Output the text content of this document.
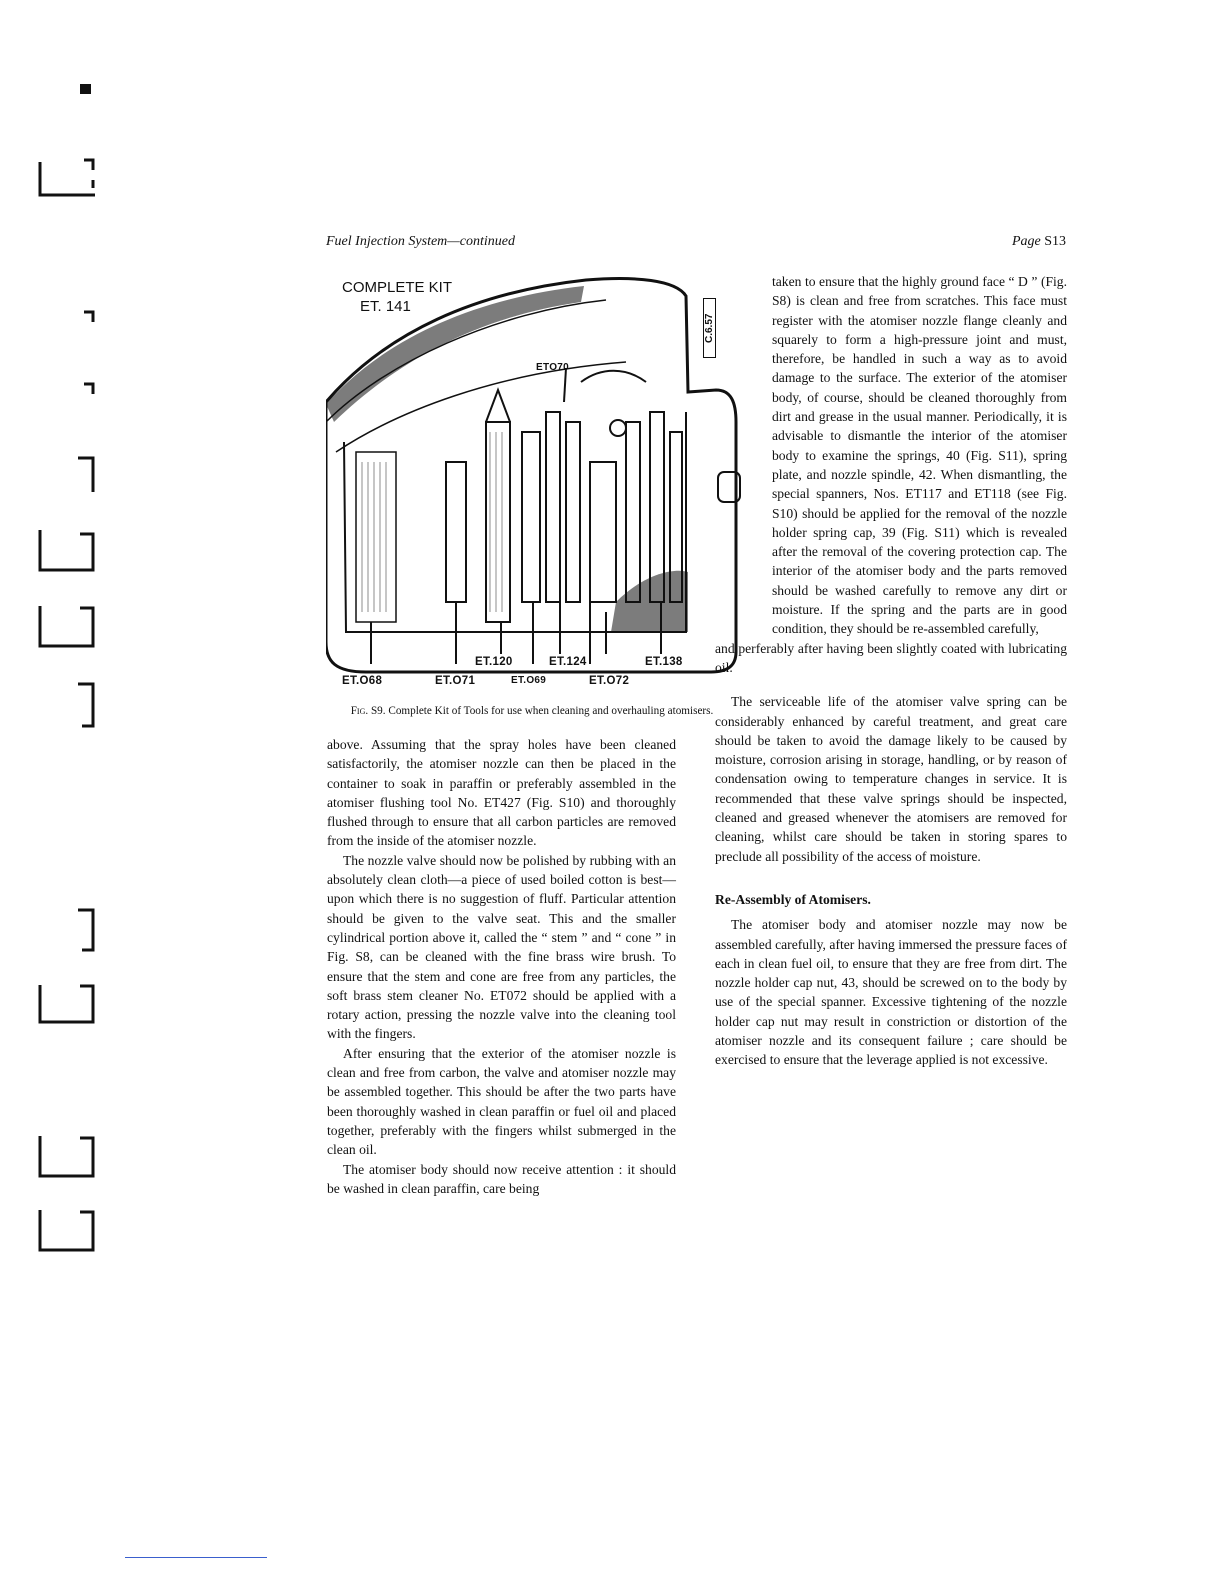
Fuel Injection System—continued	Page S13
COMPLETE KIT
ET. 141
C.6.57
ETO70
ET.120	ET.124	ET.138
ET.O68	ET.O71	ET.O69	ET.O72
Fig. S9. Complete Kit of Tools for use when cleaning and overhauling atomisers.

above. Assuming that the spray holes have been cleaned satisfactorily, the atomiser nozzle can then be placed in the container to soak in paraffin or preferably assembled in the atomiser flushing tool No. ET427 (Fig. S10) and thoroughly flushed through to ensure that all carbon particles are removed from the inside of the atomiser nozzle.

The nozzle valve should now be polished by rubbing with an absolutely clean cloth—a piece of used boiled cotton is best—upon which there is no suggestion of fluff. Particular attention should be given to the valve seat. This and the smaller cylindrical portion above it, called the “ stem ” and “ cone ” in Fig. S8, can be cleaned with the fine brass wire brush. To ensure that the stem and cone are free from any particles, the soft brass stem cleaner No. ET072 should be applied with a rotary action, pressing the nozzle valve into the cleaning tool with the fingers.

After ensuring that the exterior of the atomiser nozzle is clean and free from carbon, the valve and atomiser nozzle may be assembled together. This should be after the two parts have been thoroughly washed in clean paraffin or fuel oil and placed together, preferably with the fingers whilst submerged in the clean oil.

The atomiser body should now receive attention : it should be washed in clean paraffin, care being

taken to ensure that the highly ground face “ D ” (Fig. S8) is clean and free from scratches. This face must register with the atomiser nozzle flange cleanly and squarely to form a high-pressure joint and must, therefore, be handled in such a way as to avoid damage to the surface. The exterior of the atomiser body, of course, should be cleaned thoroughly from dirt and grease in the usual manner. Periodically, it is advisable to dismantle the interior of the atomiser body to examine the springs, 40 (Fig. S11), spring plate, and nozzle spindle, 42. When dismantling, the special spanners, Nos. ET117 and ET118 (see Fig. S10) should be applied for the removal of the nozzle holder spring cap, 39 (Fig. S11) which is revealed after the removal of the covering protection cap. The interior of the atomiser body and the parts removed should be washed carefully to remove any dirt or moisture. If the spring and the parts are in good condition, they should be re-assembled carefully,

and perferably after having been slightly coated with lubricating oil.

The serviceable life of the atomiser valve spring can be considerably enhanced by careful treatment, and great care should be taken to avoid the damage likely to be caused by moisture, corrosion arising in storage, handling, or by reason of condensation owing to temperature changes in service. It is recommended that these valve springs should be inspected, cleaned and greased whenever the atomisers are removed for cleaning, whilst care should be taken in storing spares to preclude all possibility of the access of moisture.

Re-Assembly of Atomisers.

The atomiser body and atomiser nozzle may now be assembled carefully, after having immersed the pressure faces of each in clean fuel oil, to ensure that they are free from dirt. The nozzle holder cap nut, 43, should be screwed on to the body by use of the special spanner. Excessive tightening of the nozzle holder cap nut may result in constriction or distortion of the atomiser nozzle and its consequent failure ; care should be exercised to ensure that the leverage applied is not excessive.
